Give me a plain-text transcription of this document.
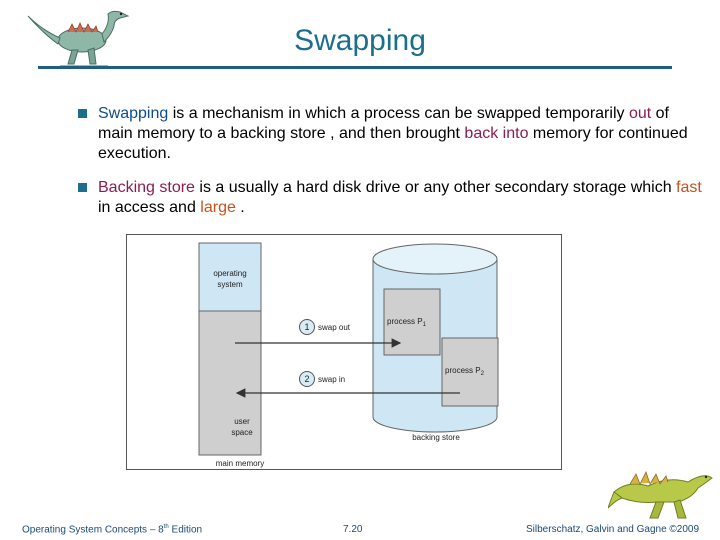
Swapping
Swapping is a mechanism in which a process can be swapped temporarily out of main memory to a backing store , and then brought back into memory for continued execution.
Backing store is a usually a hard disk drive or any other secondary storage which fast in access and large .
operating
system
user
space
main memory
backing store
process $P_1$
process $P_2$
1 swap out
2 swap in
Operating System Concepts – 8th Edition	7.20	Silberschatz, Galvin and Gagne ©2009
